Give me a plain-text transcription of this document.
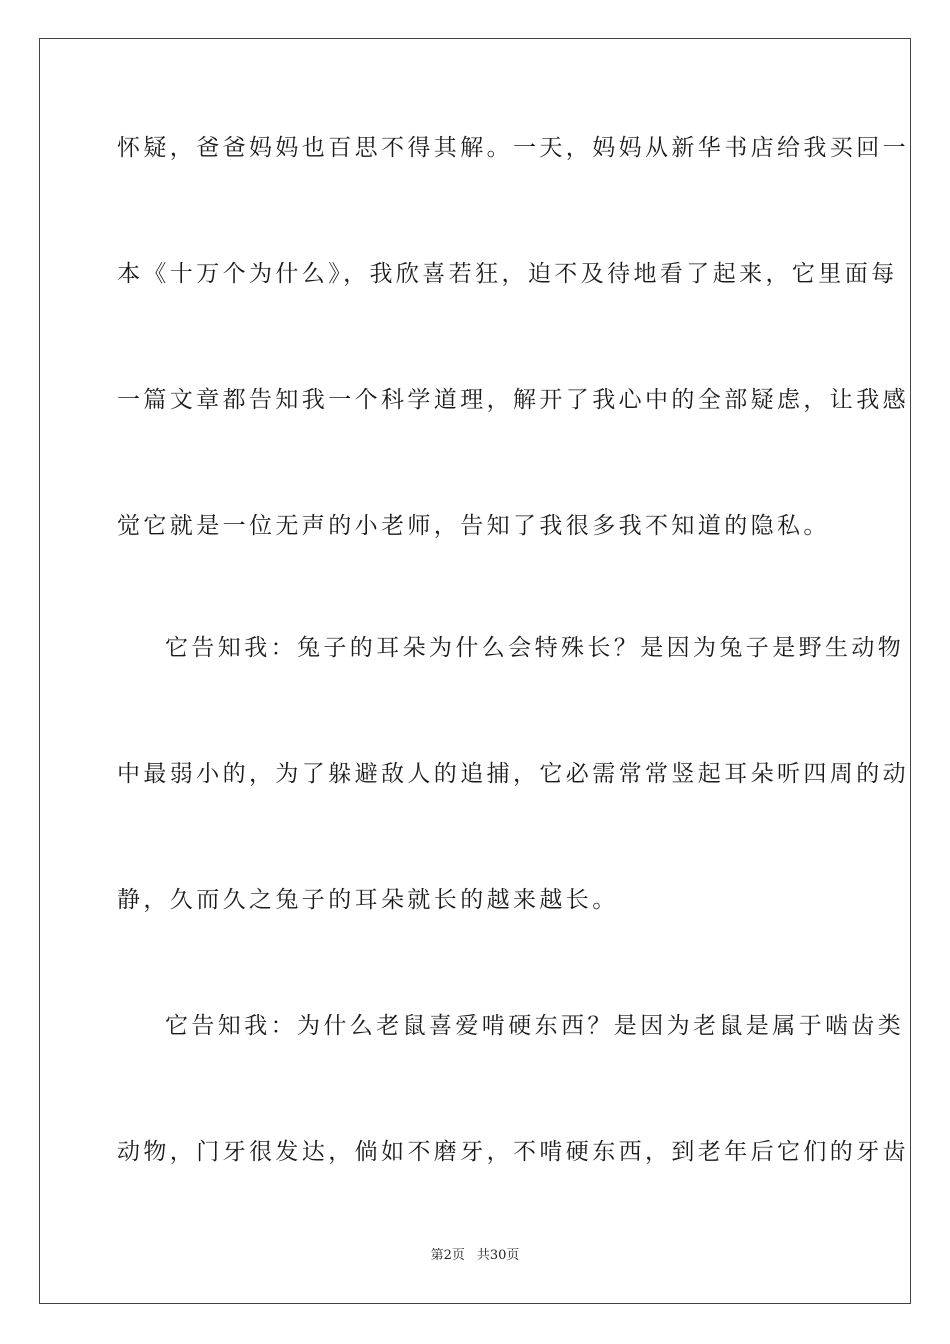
怀疑，爸爸妈妈也百思不得其解。一天，妈妈从新华书店给我买回一
本《十万个为什么》，我欣喜若狂，迫不及待地看了起来，它里面每
一篇文章都告知我一个科学道理，解开了我心中的全部疑虑，让我感
觉它就是一位无声的小老师，告知了我很多我不知道的隐私。
它告知我：兔子的耳朵为什么会特殊长？是因为兔子是野生动物
中最弱小的，为了躲避敌人的追捕，它必需常常竖起耳朵听四周的动
静，久而久之兔子的耳朵就长的越来越长。
它告知我：为什么老鼠喜爱啃硬东西？是因为老鼠是属于啮齿类
动物，门牙很发达，倘如不磨牙，不啃硬东西，到老年后它们的牙齿
第2页 共30页
